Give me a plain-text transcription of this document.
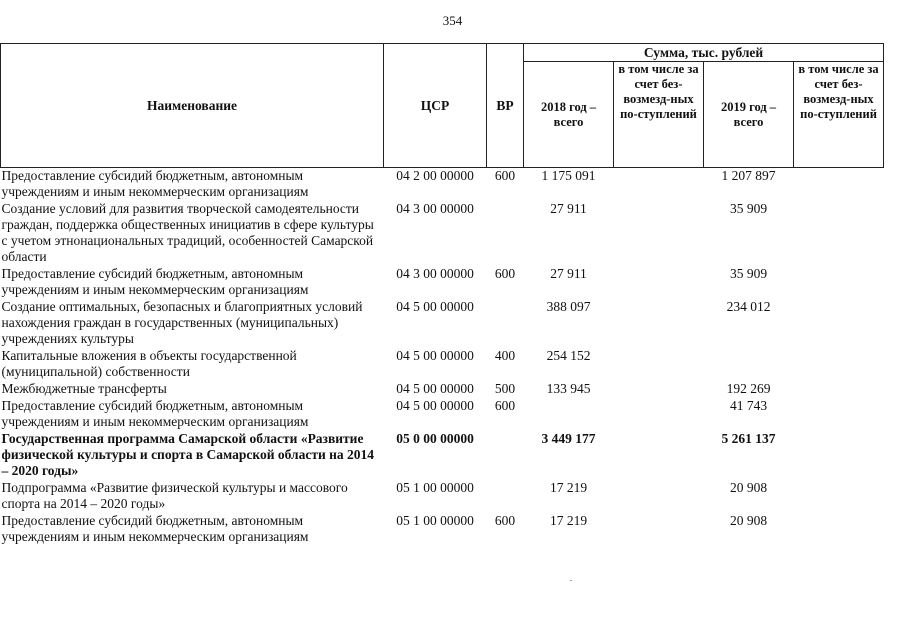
354
Наименование	ЦСР	ВР	Сумма, тыс. рублей			
			2018 год – всего	в том числе за счет без-возмезд-ных по-ступлений	2019 год – всего	в том числе за счет без-возмезд-ных по-ступлений
Предоставление субсидий бюджетным, автономным учреждениям и иным некоммерческим организациям	04 2 00 00000	600	1 175 091		1 207 897	
Создание условий для развития творческой самодеятельности граждан, поддержка общественных инициатив в сфере культуры с учетом этнонациональных традиций, особенностей Самарской области	04 3 00 00000		27 911		35 909	
Предоставление субсидий бюджетным, автономным учреждениям и иным некоммерческим организациям	04 3 00 00000	600	27 911		35 909	
Создание оптимальных, безопасных и благоприятных условий нахождения граждан в государственных (муниципальных) учреждениях культуры	04 5 00 00000		388 097		234 012	
Капитальные вложения в объекты государственной (муниципальной) собственности	04 5 00 00000	400	254 152			
Межбюджетные трансферты	04 5 00 00000	500	133 945		192 269	
Предоставление субсидий бюджетным, автономным учреждениям и иным некоммерческим организациям	04 5 00 00000	600			41 743	
Государственная программа Самарской области «Развитие физической культуры и спорта в Самарской области на 2014 – 2020 годы»	05 0 00 00000		3 449 177		5 261 137	
Подпрограмма «Развитие физической культуры и массового спорта на 2014 – 2020 годы»	05 1 00 00000		17 219		20 908	
Предоставление субсидий бюджетным, автономным учреждениям и иным некоммерческим организациям	05 1 00 00000	600	17 219		20 908	
